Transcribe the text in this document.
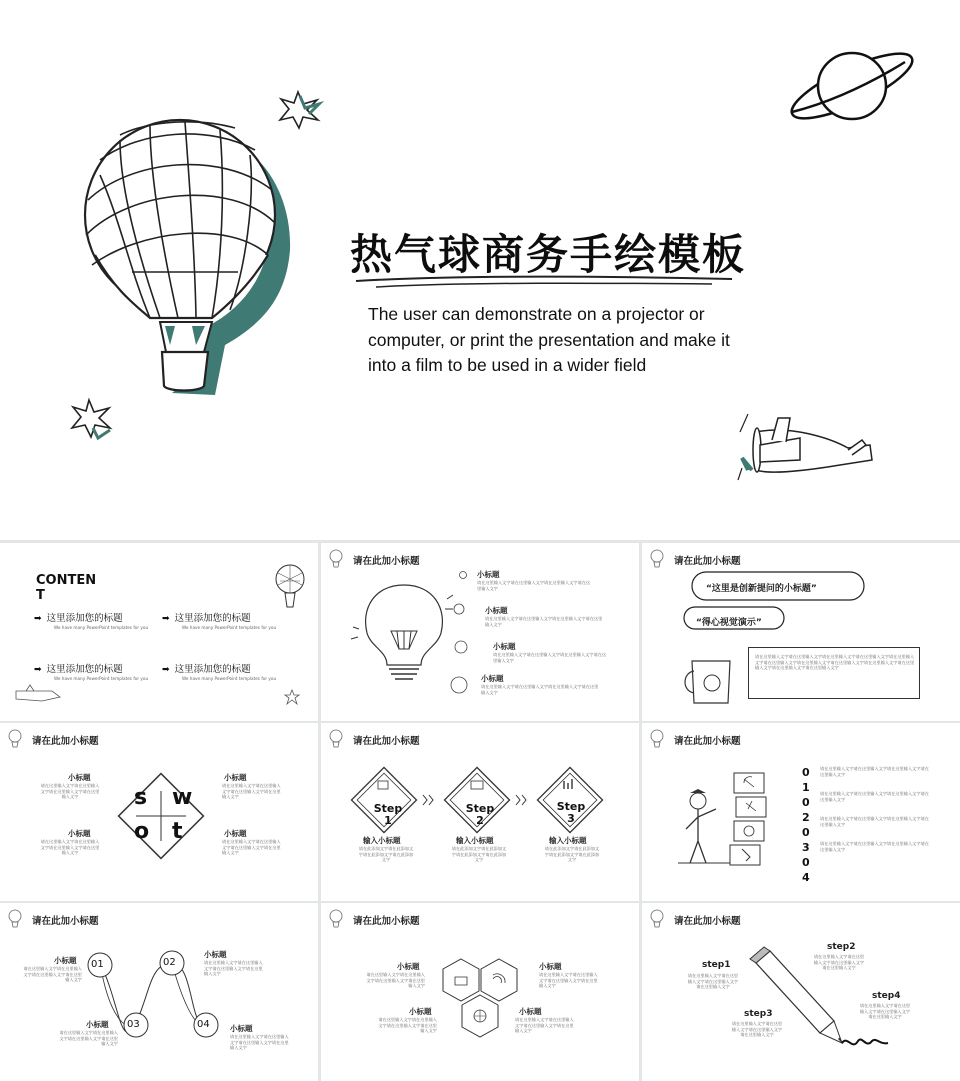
热气球商务手绘模板
The user can demonstrate on a projector or computer, or print the presentation and make it into a film to be used in a wider field
CONTEN T
➡ 这里添加您的标题
We have many PowerPoint templates for you
➡ 这里添加您的标题
We have many PowerPoint templates for you
➡ 这里添加您的标题
We have many PowerPoint templates for you
➡ 这里添加您的标题
We have many PowerPoint templates for you
请在此加小标题
小标题
请在这里输入文字请在这里输入文字请在这里输入文字请在这里输入文字
小标题
请在这里输入文字请在这里输入文字请在这里输入文字请在这里输入文字
小标题
请在这里输入文字请在这里输入文字请在这里输入文字请在这里输入文字
小标题
请在这里输入文字请在这里输入文字请在这里输入文字请在这里输入文字
请在此加小标题
“这里是创新提问的小标题”
“得心视觉演示”
请在这里输入文字请在这里输入文字请在这里输入文字请在这里输入文字请在这里输入文字请在这里输入文字请在这里输入文字请在这里输入文字请在这里输入文字请在这里输入文字请在这里输入文字请在这里输入文字
请在此加小标题
s w
o t
小标题
请在这里输入文字请在这里输入文字请在这里输入文字请在这里输入文字
小标题
请在这里输入文字请在这里输入文字请在这里输入文字请在这里输入文字
小标题
请在这里输入文字请在这里输入文字请在这里输入文字请在这里输入文字
小标题
请在这里输入文字请在这里输入文字请在这里输入文字请在这里输入文字
请在此加小标题
Step
1
Step
2
Step
3
输入小标题
请在此添加文字请在此添加文字请在此添加文字请在此添加文字
输入小标题
请在此添加文字请在此添加文字请在此添加文字请在此添加文字
输入小标题
请在此添加文字请在此添加文字请在此添加文字请在此添加文字
请在此加小标题
01
02
03
04
请在这里输入文字请在这里输入文字请在这里输入文字请在这里输入文字
请在这里输入文字请在这里输入文字请在这里输入文字请在这里输入文字
请在这里输入文字请在这里输入文字请在这里输入文字请在这里输入文字
请在这里输入文字请在这里输入文字请在这里输入文字请在这里输入文字
请在此加小标题
01
03
02
04
小标题
请在这里输入文字请在这里输入文字请在这里输入文字请在这里输入文字
小标题
请在这里输入文字请在这里输入文字请在这里输入文字请在这里输入文字
小标题
请在这里输入文字请在这里输入文字请在这里输入文字请在这里输入文字
小标题
请在这里输入文字请在这里输入文字请在这里输入文字请在这里输入文字
请在此加小标题
小标题
请在这里输入文字请在这里输入文字请在这里输入文字请在这里输入文字
小标题
请在这里输入文字请在这里输入文字请在这里输入文字请在这里输入文字
小标题
请在这里输入文字请在这里输入文字请在这里输入文字请在这里输入文字
小标题
请在这里输入文字请在这里输入文字请在这里输入文字请在这里输入文字
请在此加小标题
step1
请在这里输入文字请在这里输入文字请在这里输入文字请在这里输入文字
step2
请在这里输入文字请在这里输入文字请在这里输入文字请在这里输入文字
step3
请在这里输入文字请在这里输入文字请在这里输入文字请在这里输入文字
step4
请在这里输入文字请在这里输入文字请在这里输入文字请在这里输入文字
